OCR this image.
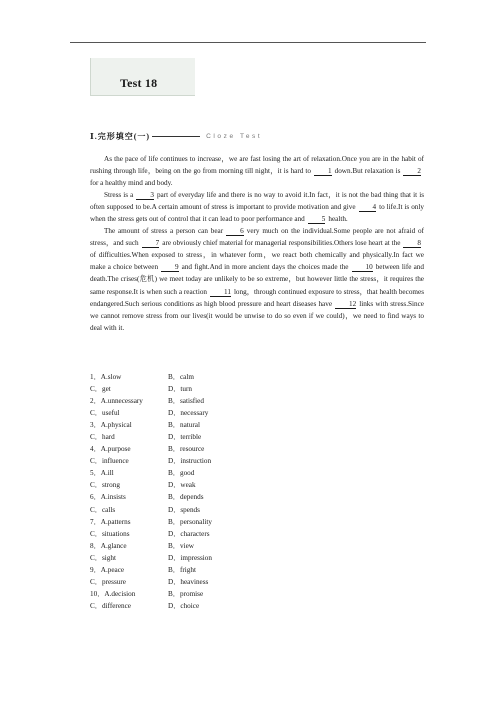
Test 18
Ⅰ.完形填空(一)	Cloze Test

As the pace of life continues to increase，we are fast losing the art of relaxation.Once you are in the habit of rushing through life，being on the go from morning till night，it is hard to 1 down.But relaxation is 2for a healthy mind and body.

Stress is a 3 part of everyday life and there is no way to avoid it.In fact，it is not the bad thing that it is often supposed to be.A certain amount of stress is important to provide motivation and give 4 to life.It is only when the stress gets out of control that it can lead to poor performance and 5 health.

The amount of stress a person can bear 6 very much on the individual.Some people are not afraid of stress，and such 7 are obviously chief material for managerial responsibilities.Others lose heart at the 8of difficulties.When exposed to stress，in whatever form，we react both chemically and physically.In fact we make a choice between 9 and fight.And in more ancient days the choices made the 10 between life and death.The crises(危机) we meet today are unlikely to be so extreme，but however little the stress，it requires the same response.It is when such a reaction 11 long，through continued exposure to stress，that health becomes endangered.Such serious conditions as high blood pressure and heart diseases have 12 links with stress.Since we cannot remove stress from our lives(it would be unwise to do so even if we could)，we need to find ways to deal with it.

1．A.slow	B．calm
C．get	D．turn
2．A.unnecessary	B．satisfied
C．useful	D．necessary
3．A.physical	B．natural
C．hard	D．terrible
4．A.purpose	B．resource
C．influence	D．instruction
5．A.ill	B．good
C．strong	D．weak
6．A.insists	B．depends
C．calls	D．spends
7．A.patterns	B．personality
C．situations	D．characters
8．A.glance	B．view
C．sight	D．impression
9．A.peace	B．fright
C．pressure	D．heaviness
10．A.decision	B．promise
C．difference	D．choice
